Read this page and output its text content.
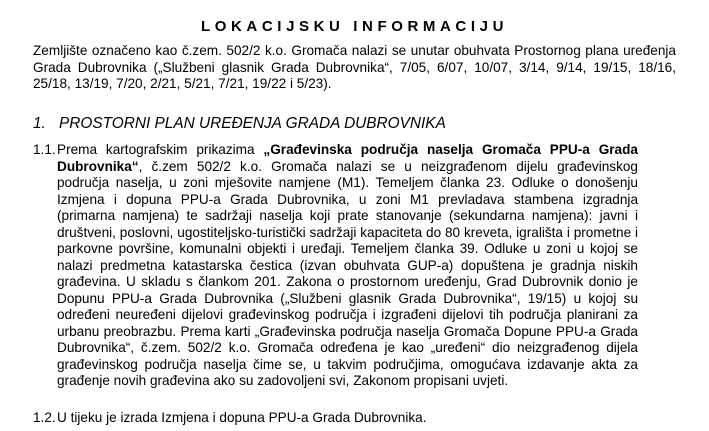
LOKACIJSKU INFORMACIJU
Zemljište označeno kao č.zem. 502/2 k.o. Gromača nalazi se unutar obuhvata Prostornog plana uređenja Grada Dubrovnika („Službeni glasnik Grada Dubrovnika“, 7/05, 6/07, 10/07, 3/14, 9/14, 19/15, 18/16, 25/18, 13/19, 7/20, 2/21, 5/21, 7/21, 19/22 i 5/23).
1. PROSTORNI PLAN UREĐENJA GRADA DUBROVNIKA
1.1. Prema kartografskim prikazima „Građevinska područja naselja Gromača PPU-a Grada Dubrovnika“, č.zem 502/2 k.o. Gromača nalazi se u neizgrađenom dijelu građevinskog područja naselja, u zoni mješovite namjene (M1). Temeljem članka 23. Odluke o donošenju Izmjena i dopuna PPU-a Grada Dubrovnika, u zoni M1 prevladava stambena izgradnja (primarna namjena) te sadržaji naselja koji prate stanovanje (sekundarna namjena): javni i društveni, poslovni, ugostiteljsko-turistički sadržaji kapaciteta do 80 kreveta, igrališta i prometne i parkovne površine, komunalni objekti i uređaji. Temeljem članka 39. Odluke u zoni u kojoj se nalazi predmetna katastarska čestica (izvan obuhvata GUP-a) dopuštena je gradnja niskih građevina. U skladu s člankom 201. Zakona o prostornom uređenju, Grad Dubrovnik donio je Dopunu PPU-a Grada Dubrovnika („Službeni glasnik Grada Dubrovnika“, 19/15) u kojoj su određeni neuređeni dijelovi građevinskog područja i izgrađeni dijelovi tih područja planirani za urbanu preobrazbu. Prema karti „Građevinska područja naselja Gromača Dopune PPU-a Grada Dubrovnika“, č.zem. 502/2 k.o. Gromača određena je kao „uređeni“ dio neizgrađenog dijela građevinskog područja naselja čime se, u takvim područjima, omogućava izdavanje akta za građenje novih građevina ako su zadovoljeni svi, Zakonom propisani uvjeti.
1.2. U tijeku je izrada Izmjena i dopuna PPU-a Grada Dubrovnika.
